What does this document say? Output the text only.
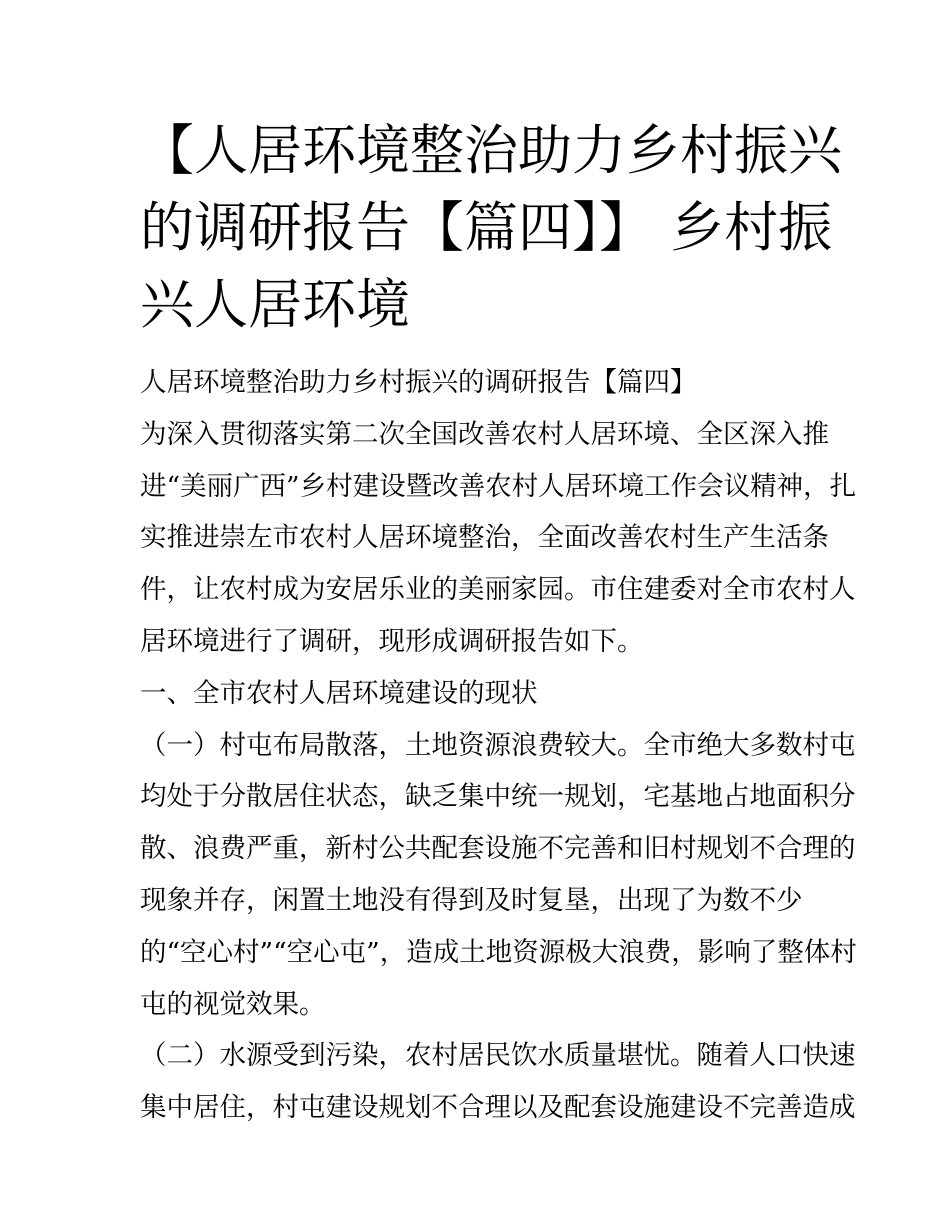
【人居环境整治助力乡村振兴
的调研报告【篇四】】 乡村振
兴人居环境
人居环境整治助力乡村振兴的调研报告【篇四】
为深入贯彻落实第二次全国改善农村人居环境、全区深入推
进“美丽广西”乡村建设暨改善农村人居环境工作会议精神，扎
实推进崇左市农村人居环境整治，全面改善农村生产生活条
件，让农村成为安居乐业的美丽家园。市住建委对全市农村人
居环境进行了调研，现形成调研报告如下。
一、全市农村人居环境建设的现状
（一）村屯布局散落，土地资源浪费较大。全市绝大多数村屯
均处于分散居住状态，缺乏集中统一规划，宅基地占地面积分
散、浪费严重，新村公共配套设施不完善和旧村规划不合理的
现象并存，闲置土地没有得到及时复垦，出现了为数不少
的“空心村”“空心屯”，造成土地资源极大浪费，影响了整体村
屯的视觉效果。
（二）水源受到污染，农村居民饮水质量堪忧。随着人口快速
集中居住，村屯建设规划不合理以及配套设施建设不完善造成
